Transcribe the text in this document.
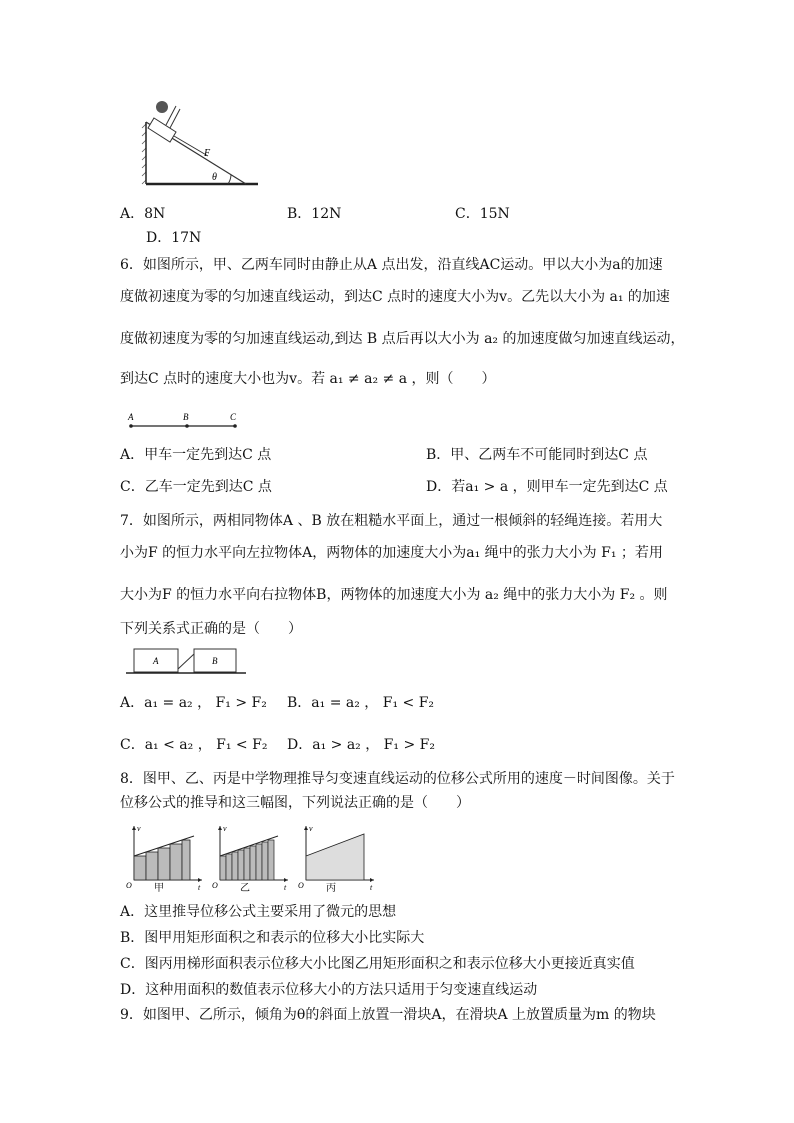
F
θ
A．8N	B．12N	C．15N
D．17N
6．如图所示，甲、乙两车同时由静止从A 点出发，沿直线AC运动。甲以大小为a的加速
度做初速度为零的匀加速直线运动，到达C 点时的速度大小为v。乙先以大小为 a₁ 的加速
度做初速度为零的匀加速直线运动,到达 B 点后再以大小为 a₂ 的加速度做匀加速直线运动，
到达C 点时的速度大小也为v。若 a₁ ≠ a₂ ≠ a ，则（　　）
A	B	C
A．甲车一定先到达C 点	B．甲、乙两车不可能同时到达C 点
C．乙车一定先到达C 点	D．若a₁ > a ，则甲车一定先到达C 点
7．如图所示，两相同物体A 、B 放在粗糙水平面上，通过一根倾斜的轻绳连接。若用大
小为F 的恒力水平向左拉物体A，两物体的加速度大小为a₁ 绳中的张力大小为 F₁ ；若用
大小为F 的恒力水平向右拉物体B，两物体的加速度大小为 a₂ 绳中的张力大小为 F₂ 。则
下列关系式正确的是（　　）
A	B
A．a₁ = a₂ ， F₁ > F₂ B．a₁ = a₂ ， F₁ < F₂
C．a₁ < a₂ ， F₁ < F₂ D．a₁ > a₂ ， F₁ > F₂
8．图甲、乙、丙是中学物理推导匀变速直线运动的位移公式所用的速度－时间图像。关于
位移公式的推导和这三幅图，下列说法正确的是（　　）
v
t
O 甲
v
t
O 乙
v
t
O 丙
A．这里推导位移公式主要采用了微元的思想
B．图甲用矩形面积之和表示的位移大小比实际大
C．图丙用梯形面积表示位移大小比图乙用矩形面积之和表示位移大小更接近真实值
D．这种用面积的数值表示位移大小的方法只适用于匀变速直线运动
9．如图甲、乙所示，倾角为θ的斜面上放置一滑块A，在滑块A 上放置质量为m 的物块
